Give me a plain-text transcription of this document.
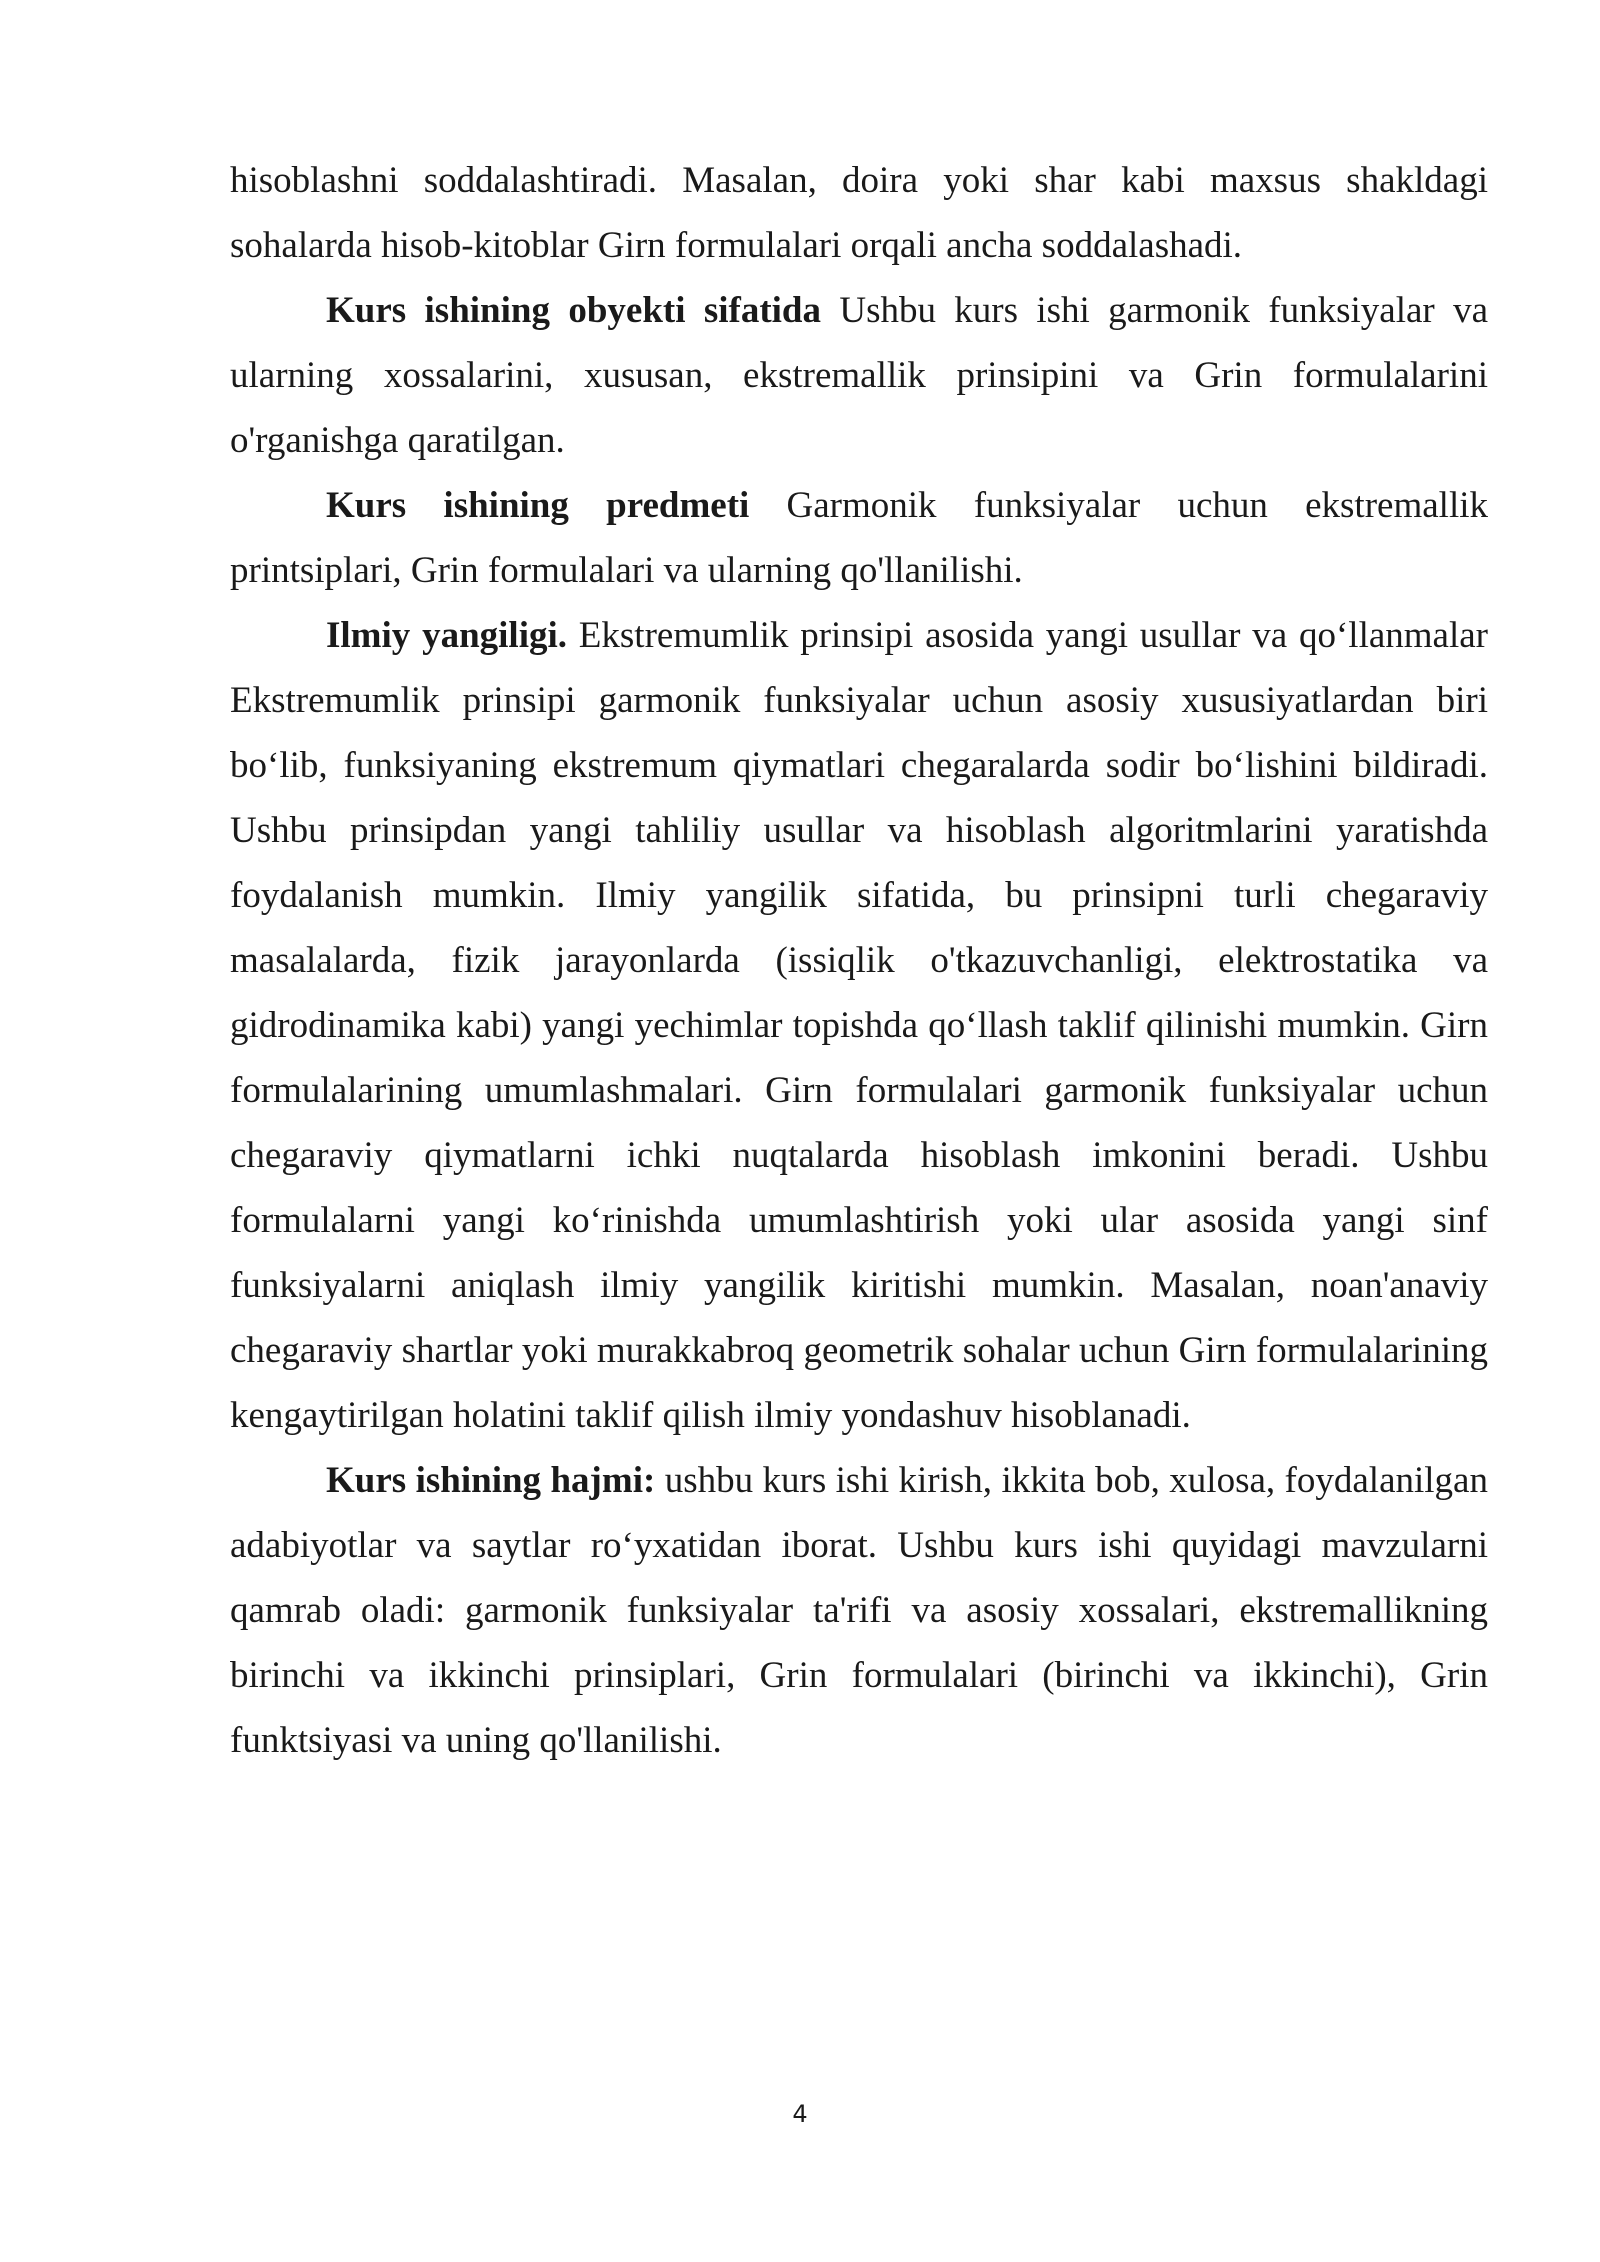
hisoblashni soddalashtiradi. Masalan, doira yoki shar kabi maxsus shakldagi sohalarda hisob-kitoblar Girn formulalari orqali ancha soddalashadi.

Kurs ishining obyekti sifatida Ushbu kurs ishi garmonik funksiyalar va ularning xossalarini, xususan, ekstremallik prinsipini va Grin formulalarini o'rganishga qaratilgan.

Kurs ishining predmeti Garmonik funksiyalar uchun ekstremallik printsiplari, Grin formulalari va ularning qo'llanilishi.

Ilmiy yangiligi. Ekstremumlik prinsipi asosida yangi usullar va qo‘llanmalar Ekstremumlik prinsipi garmonik funksiyalar uchun asosiy xususiyatlardan biri bo‘lib, funksiyaning ekstremum qiymatlari chegaralarda sodir bo‘lishini bildiradi. Ushbu prinsipdan yangi tahliliy usullar va hisoblash algoritmlarini yaratishda foydalanish mumkin. Ilmiy yangilik sifatida, bu prinsipni turli chegaraviy masalalarda, fizik jarayonlarda (issiqlik o'tkazuvchanligi, elektrostatika va gidrodinamika kabi) yangi yechimlar topishda qo‘llash taklif qilinishi mumkin. Girn formulalarining umumlashmalari. Girn formulalari garmonik funksiyalar uchun chegaraviy qiymatlarni ichki nuqtalarda hisoblash imkonini beradi. Ushbu formulalarni yangi ko‘rinishda umumlashtirish yoki ular asosida yangi sinf funksiyalarni aniqlash ilmiy yangilik kiritishi mumkin. Masalan, noan'anaviy chegaraviy shartlar yoki murakkabroq geometrik sohalar uchun Girn formulalarining kengaytirilgan holatini taklif qilish ilmiy yondashuv hisoblanadi.

Kurs ishining hajmi: ushbu kurs ishi kirish, ikkita bob, xulosa, foydalanilgan adabiyotlar va saytlar ro‘yxatidan iborat. Ushbu kurs ishi quyidagi mavzularni qamrab oladi: garmonik funksiyalar ta'rifi va asosiy xossalari, ekstremallikning birinchi va ikkinchi prinsiplari, Grin formulalari (birinchi va ikkinchi), Grin funktsiyasi va uning qo'llanilishi.

4
